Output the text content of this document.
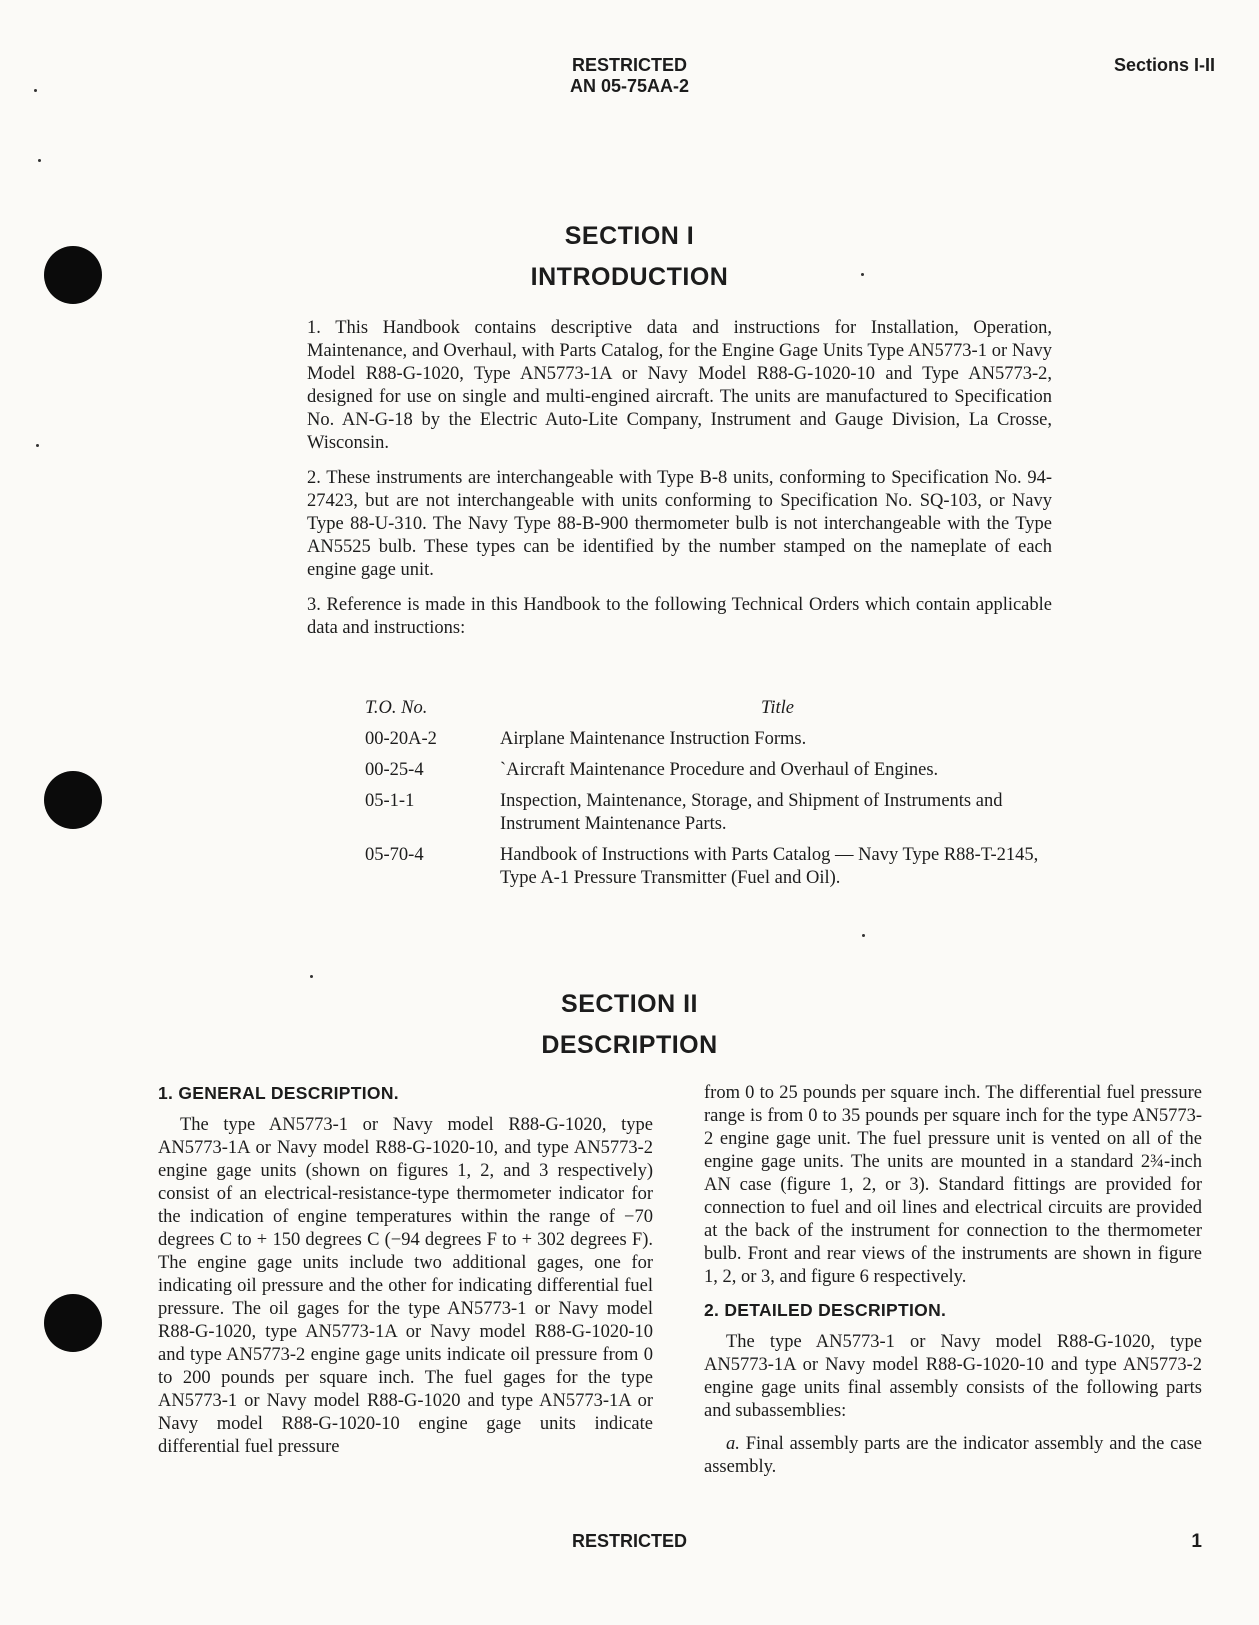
RESTRICTED
AN 05-75AA-2
Sections I-II
SECTION I
INTRODUCTION

1. This Handbook contains descriptive data and instructions for Installation, Operation, Maintenance, and Overhaul, with Parts Catalog, for the Engine Gage Units Type AN5773-1 or Navy Model R88-G-1020, Type AN5773-1A or Navy Model R88-G-1020-10 and Type AN5773-2, designed for use on single and multi-engined aircraft. The units are manufactured to Specification No. AN-G-18 by the Electric Auto-Lite Company, Instrument and Gauge Division, La Crosse, Wisconsin.

2. These instruments are interchangeable with Type B-8 units, conforming to Specification No. 94-27423, but are not interchangeable with units conforming to Specification No. SQ-103, or Navy Type 88-U-310. The Navy Type 88-B-900 thermometer bulb is not interchangeable with the Type AN5525 bulb. These types can be identified by the number stamped on the nameplate of each engine gage unit.

3. Reference is made in this Handbook to the following Technical Orders which contain applicable data and instructions:

T.O. No.	Title
00-20A-2	Airplane Maintenance Instruction Forms.
00-25-4	`Aircraft Maintenance Procedure and Overhaul of Engines.
05-1-1	Inspection, Maintenance, Storage, and Shipment of Instruments and Instrument Maintenance Parts.
05-70-4	Handbook of Instructions with Parts Catalog — Navy Type R88-T-2145, Type A-1 Pressure Transmitter (Fuel and Oil).
SECTION II
DESCRIPTION
1. GENERAL DESCRIPTION.

The type AN5773-1 or Navy model R88-G-1020, type AN5773-1A or Navy model R88-G-1020-10, and type AN5773-2 engine gage units (shown on figures 1, 2, and 3 respectively) consist of an electrical-resistance-type thermometer indicator for the indication of engine temperatures within the range of −70 degrees C to + 150 degrees C (−94 degrees F to + 302 degrees F). The engine gage units include two additional gages, one for indicating oil pressure and the other for indicating differential fuel pressure. The oil gages for the type AN5773-1 or Navy model R88-G-1020, type AN5773-1A or Navy model R88-G-1020-10 and type AN5773-2 engine gage units indicate oil pressure from 0 to 200 pounds per square inch. The fuel gages for the type AN5773-1 or Navy model R88-G-1020 and type AN5773-1A or Navy model R88-G-1020-10 engine gage units indicate differential fuel pressure

from 0 to 25 pounds per square inch. The differential fuel pressure range is from 0 to 35 pounds per square inch for the type AN5773-2 engine gage unit. The fuel pressure unit is vented on all of the engine gage units. The units are mounted in a standard 2¾-inch AN case (figure 1, 2, or 3). Standard fittings are provided for connection to fuel and oil lines and electrical circuits are provided at the back of the instrument for connection to the thermometer bulb. Front and rear views of the instruments are shown in figure 1, 2, or 3, and figure 6 respectively.

2. DETAILED DESCRIPTION.

The type AN5773-1 or Navy model R88-G-1020, type AN5773-1A or Navy model R88-G-1020-10 and type AN5773-2 engine gage units final assembly consists of the following parts and subassemblies:

a. Final assembly parts are the indicator assembly and the case assembly.

RESTRICTED	1
